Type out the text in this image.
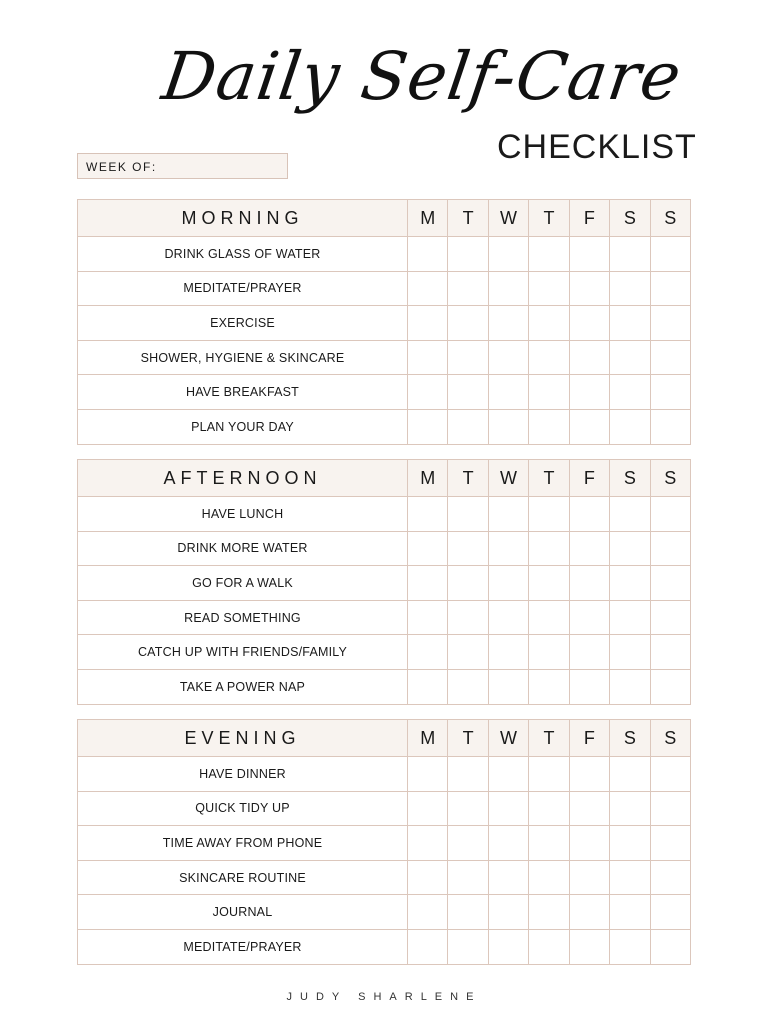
Daily Self-Care
CHECKLIST
WEEK OF:
MORNING	M	T	W	T	F	S	S
DRINK GLASS OF WATER							
MEDITATE/PRAYER							
EXERCISE							
SHOWER, HYGIENE & SKINCARE							
HAVE BREAKFAST							
PLAN YOUR DAY							
AFTERNOON	M	T	W	T	F	S	S
HAVE LUNCH							
DRINK MORE WATER							
GO FOR A WALK							
READ SOMETHING							
CATCH UP WITH FRIENDS/FAMILY							
TAKE A POWER NAP							
EVENING	M	T	W	T	F	S	S
HAVE DINNER							
QUICK TIDY UP							
TIME AWAY FROM PHONE							
SKINCARE ROUTINE							
JOURNAL							
MEDITATE/PRAYER							
JUDY SHARLENE
